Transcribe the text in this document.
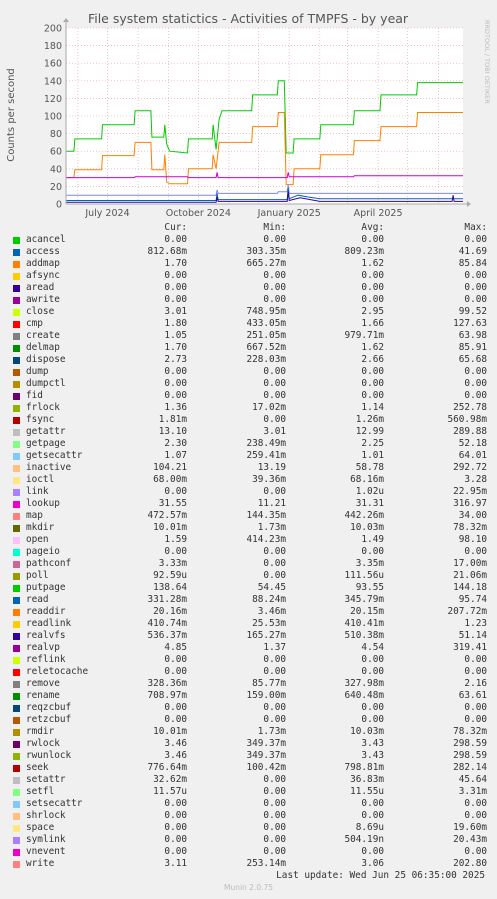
File system statictics - Activities of TMPFS - by year
Counts per second
RRDTOOL / TOBI OETIKER
0
20
40
60
80
100
120
140
160
180
200
July 2024	October 2024	January 2025	April 2025
Cur:	Min:	Avg:	Max:
acancel	0.00	0.00	0.00	0.00
access	812.68m	303.35m	809.23m	41.69
addmap	1.70	665.27m	1.62	85.84
afsync	0.00	0.00	0.00	0.00
aread	0.00	0.00	0.00	0.00
awrite	0.00	0.00	0.00	0.00
close	3.01	748.95m	2.95	99.52
cmp	1.80	433.05m	1.66	127.63
create	1.05	251.05m	979.71m	63.98
delmap	1.70	667.52m	1.62	85.91
dispose	2.73	228.03m	2.66	65.68
dump	0.00	0.00	0.00	0.00
dumpctl	0.00	0.00	0.00	0.00
fid	0.00	0.00	0.00	0.00
frlock	1.36	17.02m	1.14	252.78
fsync	1.81m	0.00	1.26m	560.98m
getattr	13.10	3.01	12.99	289.88
getpage	2.30	238.49m	2.25	52.18
getsecattr	1.07	259.41m	1.01	64.01
inactive	104.21	13.19	58.78	292.72
ioctl	68.00m	39.36m	68.16m	3.28
link	0.00	0.00	1.02u	22.95m
lookup	31.55	11.21	31.31	316.97
map	472.57m	144.35m	442.26m	34.00
mkdir	10.01m	1.73m	10.03m	78.32m
open	1.59	414.23m	1.49	98.10
pageio	0.00	0.00	0.00	0.00
pathconf	3.33m	0.00	3.35m	17.00m
poll	92.59u	0.00	111.56u	21.06m
putpage	138.64	54.45	93.55	144.18
read	331.28m	88.24m	345.79m	95.74
readdir	20.16m	3.46m	20.15m	207.72m
readlink	410.74m	25.53m	410.41m	1.23
realvfs	536.37m	165.27m	510.38m	51.14
realvp	4.85	1.37	4.54	319.41
reflink	0.00	0.00	0.00	0.00
reletocache	0.00	0.00	0.00	0.00
remove	328.36m	85.77m	327.98m	2.16
rename	708.97m	159.00m	640.48m	63.61
reqzcbuf	0.00	0.00	0.00	0.00
retzcbuf	0.00	0.00	0.00	0.00
rmdir	10.01m	1.73m	10.03m	78.32m
rwlock	3.46	349.37m	3.43	298.59
rwunlock	3.46	349.37m	3.43	298.59
seek	776.64m	100.42m	798.81m	282.14
setattr	32.62m	0.00	36.83m	45.64
setfl	11.57u	0.00	11.55u	3.31m
setsecattr	0.00	0.00	0.00	0.00
shrlock	0.00	0.00	0.00	0.00
space	0.00	0.00	8.69u	19.60m
symlink	0.00	0.00	504.19n	20.43m
vnevent	0.00	0.00	0.00	0.00
write	3.11	253.14m	3.06	202.80
Last update: Wed Jun 25 06:35:00 2025
Munin 2.0.75
